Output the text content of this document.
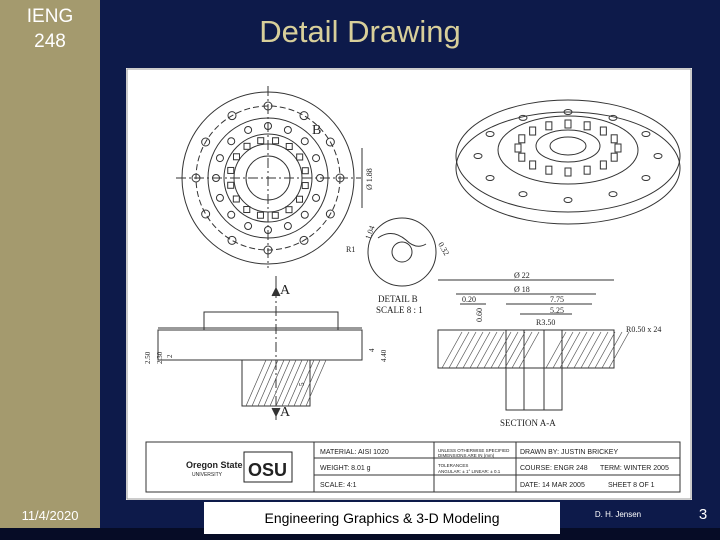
IENG
248	Detail Drawing
B
Ø 1.88
R1
1.04
0.32
DETAIL B
SCALE 8 : 1
A
A
2.50 2.30 2
4 4.40
5
Ø 22
Ø 18
0.20	7.75
5.25
0.60
R3.50
R0.50 x 24
SECTION A-A
Oregon State
UNIVERSITY OSU
MATERIAL: AISI 1020
WEIGHT: 8.01 g
SCALE: 4:1
UNLESS OTHERWISE SPECIFIED
DIMENSIONS ARE IN (mm)
TOLERANCES
ANGULAR: ± 1° LINEAR: ± 0.1
DRAWN BY: JUSTIN BRICKEY
COURSE: ENGR 248 TERM: WINTER 2005
DATE: 14 MAR 2005	SHEET 8 OF 1
11/4/2020	Engineering Graphics & 3-D Modeling	D. H. Jensen	3
